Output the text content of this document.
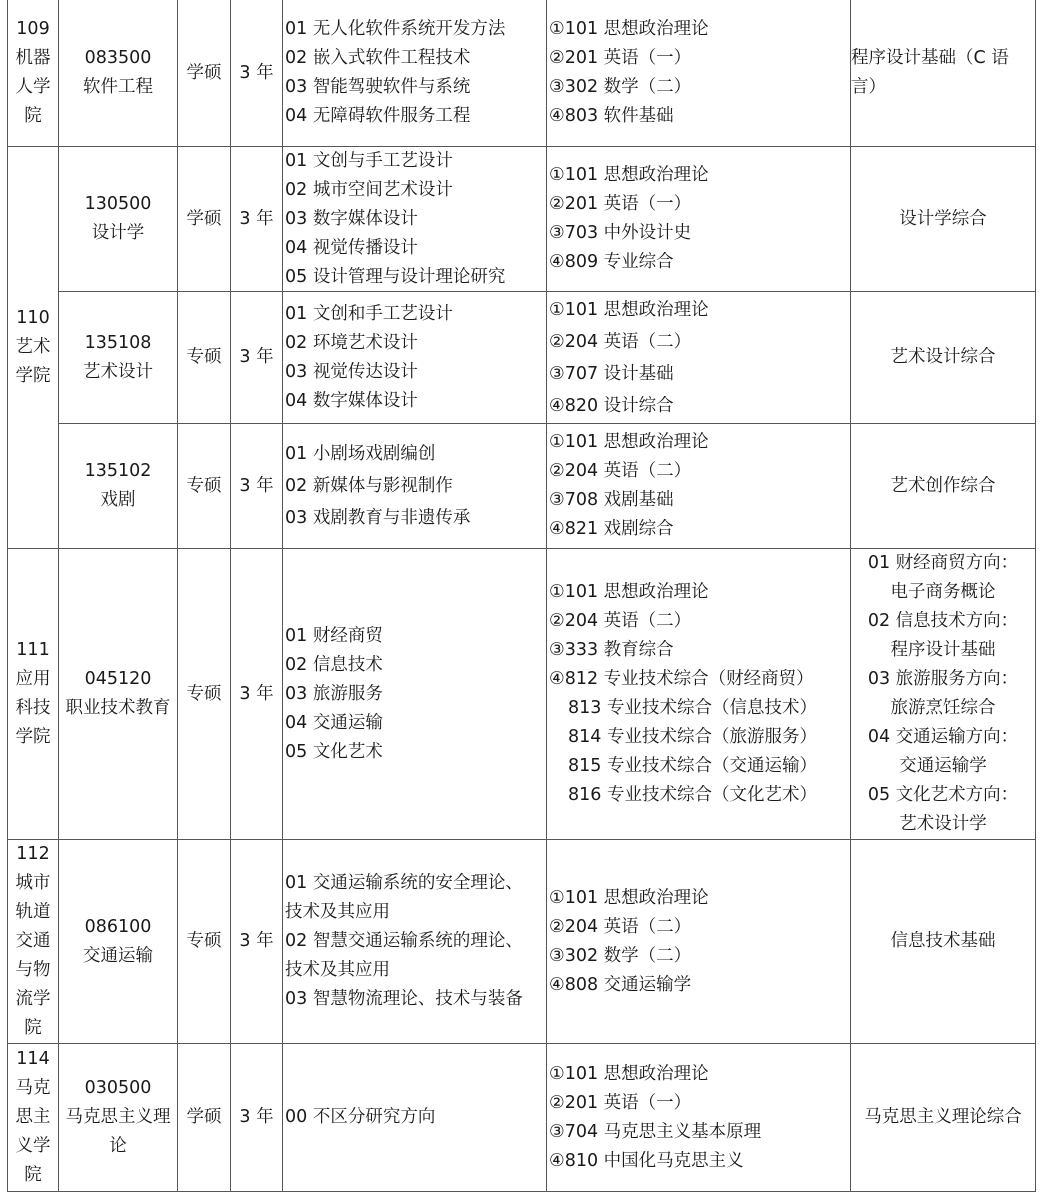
109
机器
人学
院
083500
软件工程
学硕 3 年
01 无人化软件系统开发方法
02 嵌入式软件工程技术
03 智能驾驶软件与系统
04 无障碍软件服务工程
①101 思想政治理论
②201 英语（一）
③302 数学（二）
④803 软件基础
程序设计基础（C 语言）
110
艺术
学院
130500
设计学
学硕 3 年
01 文创与手工艺设计
02 城市空间艺术设计
03 数字媒体设计
04 视觉传播设计
05 设计管理与设计理论研究
①101 思想政治理论
②201 英语（一）
③703 中外设计史
④809 专业综合
设计学综合
135108
艺术设计
专硕 3 年
01 文创和手工艺设计
02 环境艺术设计
03 视觉传达设计
04 数字媒体设计
①101 思想政治理论
②204 英语（二）
③707 设计基础
④820 设计综合
艺术设计综合
135102
戏剧
专硕 3 年
01 小剧场戏剧编创
02 新媒体与影视制作
03 戏剧教育与非遗传承
①101 思想政治理论
②204 英语（二）
③708 戏剧基础
④821 戏剧综合
艺术创作综合
111
应用
科技
学院
045120
职业技术教育
专硕 3 年
01 财经商贸
02 信息技术
03 旅游服务
04 交通运输
05 文化艺术
①101 思想政治理论
②204 英语（二）
③333 教育综合
④812 专业技术综合（财经商贸）
813 专业技术综合（信息技术）
814 专业技术综合（旅游服务）
815 专业技术综合（交通运输）
816 专业技术综合（文化艺术）
01 财经商贸方向：
电子商务概论
02 信息技术方向：
程序设计基础
03 旅游服务方向：
旅游烹饪综合
04 交通运输方向：
交通运输学
05 文化艺术方向：
艺术设计学
112
城市
轨道
交通
与物
流学
院
086100
交通运输
专硕 3 年
01 交通运输系统的安全理论、
技术及其应用
02 智慧交通运输系统的理论、
技术及其应用
03 智慧物流理论、技术与装备
①101 思想政治理论
②204 英语（二）
③302 数学（二）
④808 交通运输学
信息技术基础
114
马克
思主
义学
院
030500
马克思主义理
论
学硕 3 年 00 不区分研究方向
①101 思想政治理论
②201 英语（一）
③704 马克思主义基本原理
④810 中国化马克思主义
马克思主义理论综合
